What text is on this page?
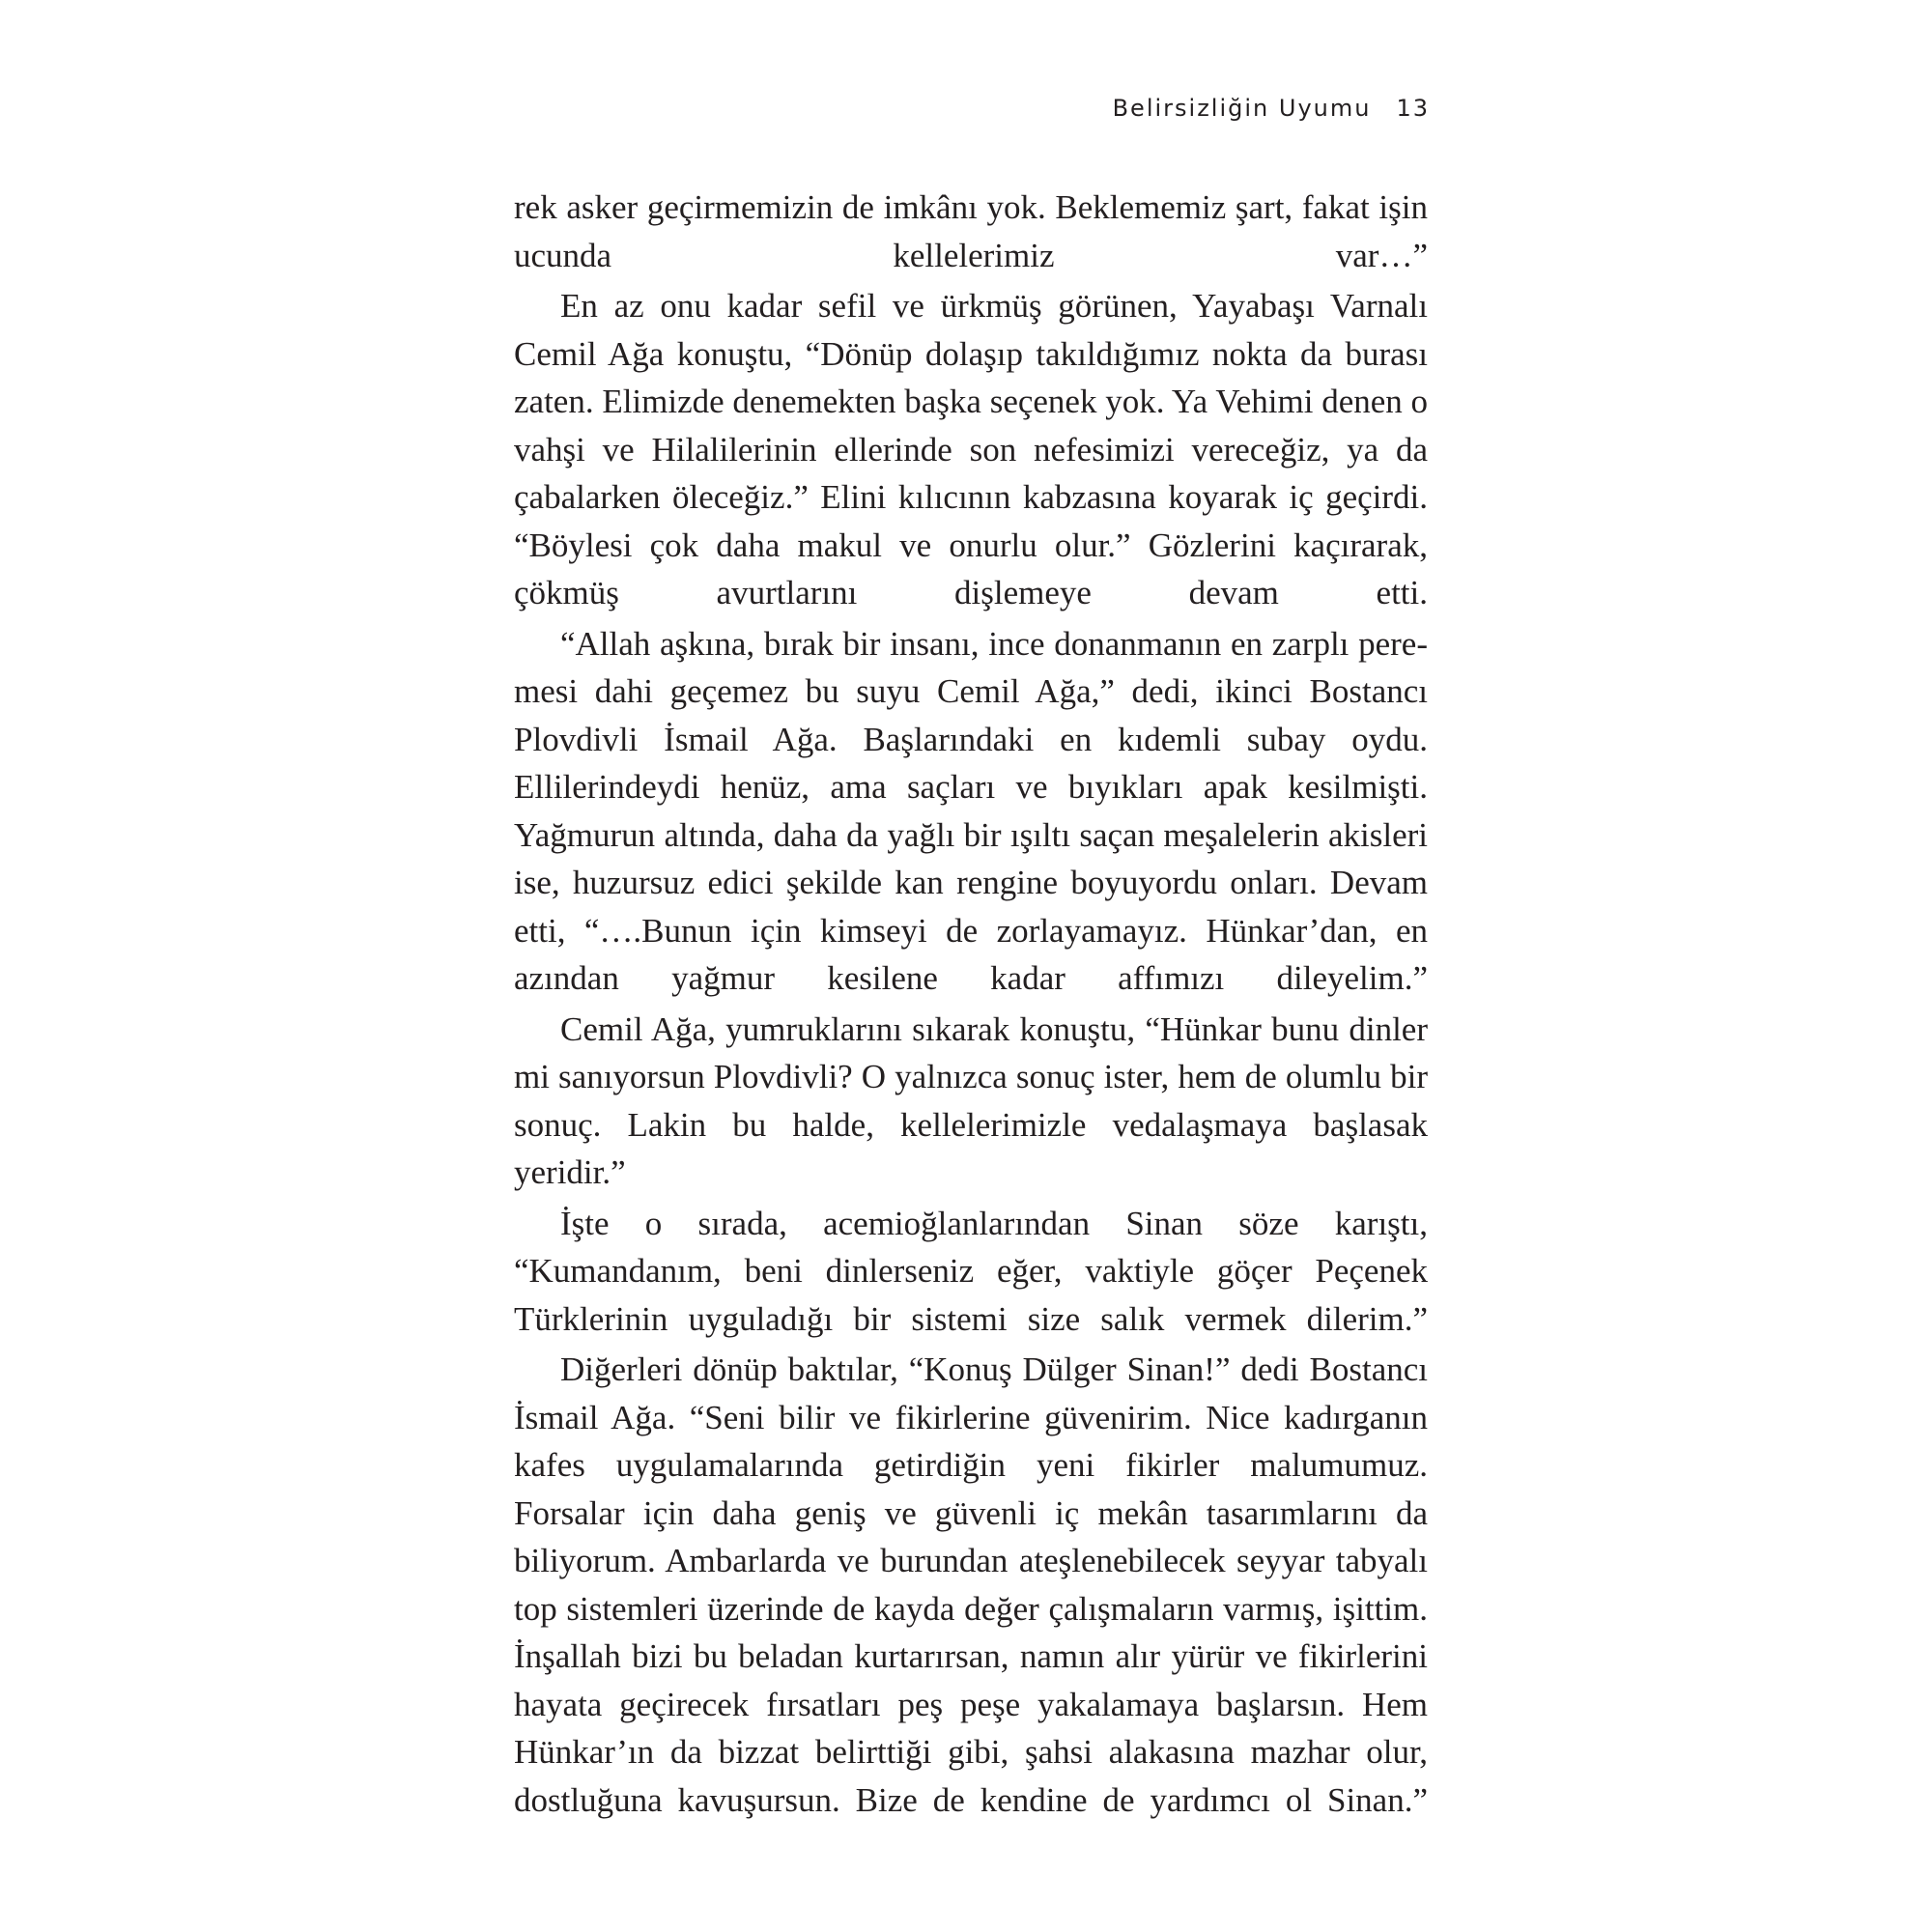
Belirsizliğin Uyumu 13

rek asker geçirmemizin de imkânı yok. Beklememiz şart, fakat işin ucunda kellelerimiz var…”

En az onu kadar sefil ve ürkmüş görünen, Yayabaşı Varnalı Cemil Ağa konuştu, “Dönüp dolaşıp takıldığımız nokta da burası zaten. Elimizde denemekten başka seçenek yok. Ya Vehimi denen o vahşi ve Hilalilerinin ellerinde son nefesimizi vereceğiz, ya da çabalarken öleceğiz.” Elini kılıcının kabzasına koyarak iç geçirdi. “Böylesi çok daha makul ve onurlu olur.” Gözlerini kaçırarak, çökmüş avurtlarını dişlemeye devam etti.

“Allah aşkına, bırak bir insanı, ince donanmanın en zarplı peremesi dahi geçemez bu suyu Cemil Ağa,” dedi, ikinci Bostancı Plovdivli İsmail Ağa. Başlarındaki en kıdemli subay oydu. Ellilerindeydi henüz, ama saçları ve bıyıkları apak kesilmişti. Yağmurun altında, daha da yağlı bir ışıltı saçan meşalelerin akisleri ise, huzursuz edici şekilde kan rengine boyuyordu onları. Devam etti, “….Bunun için kimseyi de zorlayamayız. Hünkar’dan, en azından yağmur kesilene kadar affımızı dileyelim.”

Cemil Ağa, yumruklarını sıkarak konuştu, “Hünkar bunu dinler mi sanıyorsun Plovdivli? O yalnızca sonuç ister, hem de olumlu bir sonuç. Lakin bu halde, kellelerimizle vedalaşmaya başlasak yeridir.”

İşte o sırada, acemioğlanlarından Sinan söze karıştı, “Kumandanım, beni dinlerseniz eğer, vaktiyle göçer Peçenek Türklerinin uyguladığı bir sistemi size salık vermek dilerim.”

Diğerleri dönüp baktılar, “Konuş Dülger Sinan!” dedi Bostancı İsmail Ağa. “Seni bilir ve fikirlerine güvenirim. Nice kadırganın kafes uygulamalarında getirdiğin yeni fikirler malumumuz. Forsalar için daha geniş ve güvenli iç mekân tasarımlarını da biliyorum. Ambarlarda ve burundan ateşlenebilecek seyyar tabyalı top sistemleri üzerinde de kayda değer çalışmaların varmış, işittim. İnşallah bizi bu beladan kurtarırsan, namın alır yürür ve fikirlerini hayata geçirecek fırsatları peş peşe yakalamaya başlarsın. Hem Hünkar’ın da bizzat belirttiği gibi, şahsi alakasına mazhar olur, dostluğuna kavuşursun. Bize de kendine de yardımcı ol Sinan.”
